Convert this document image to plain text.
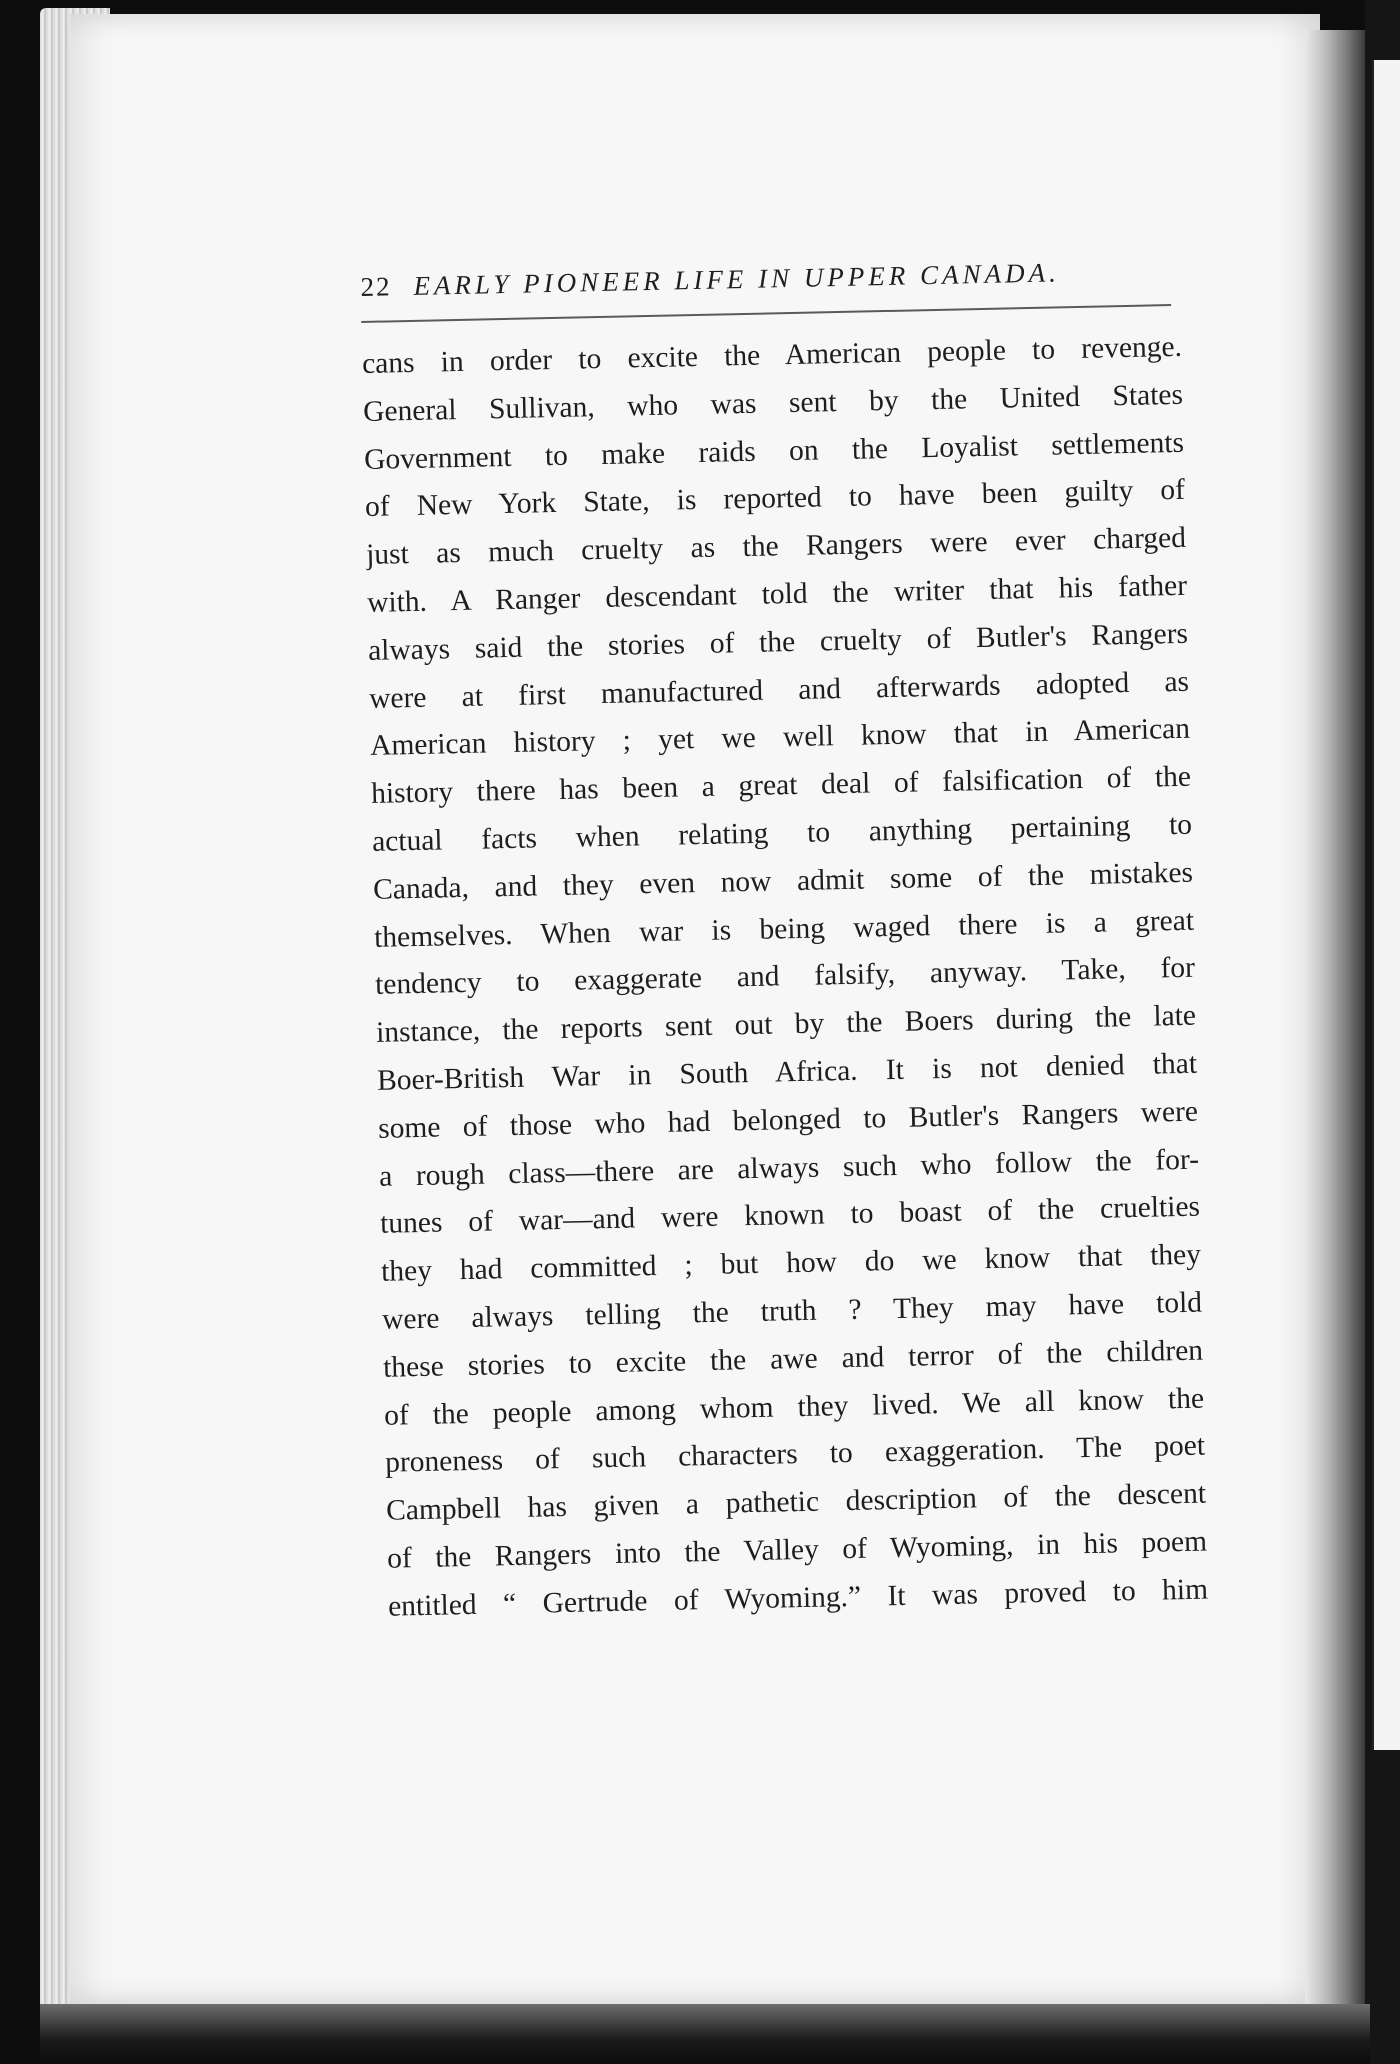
22 EARLY PIONEER LIFE IN UPPER CANADA.
cans in order to excite the American people to revenge.
General Sullivan, who was sent by the United States
Government to make raids on the Loyalist settlements
of New York State, is reported to have been guilty of
just as much cruelty as the Rangers were ever charged
with. A Ranger descendant told the writer that his father
always said the stories of the cruelty of Butler's Rangers
were at first manufactured and afterwards adopted as
American history ; yet we well know that in American
history there has been a great deal of falsification of the
actual facts when relating to anything pertaining to
Canada, and they even now admit some of the mistakes
themselves. When war is being waged there is a great
tendency to exaggerate and falsify, anyway. Take, for
instance, the reports sent out by the Boers during the late
Boer-British War in South Africa. It is not denied that
some of those who had belonged to Butler's Rangers were
a rough class—there are always such who follow the for-
tunes of war—and were known to boast of the cruelties
they had committed ; but how do we know that they
were always telling the truth ? They may have told
these stories to excite the awe and terror of the children
of the people among whom they lived. We all know the
proneness of such characters to exaggeration. The poet
Campbell has given a pathetic description of the descent
of the Rangers into the Valley of Wyoming, in his poem
entitled “ Gertrude of Wyoming.” It was proved to him
